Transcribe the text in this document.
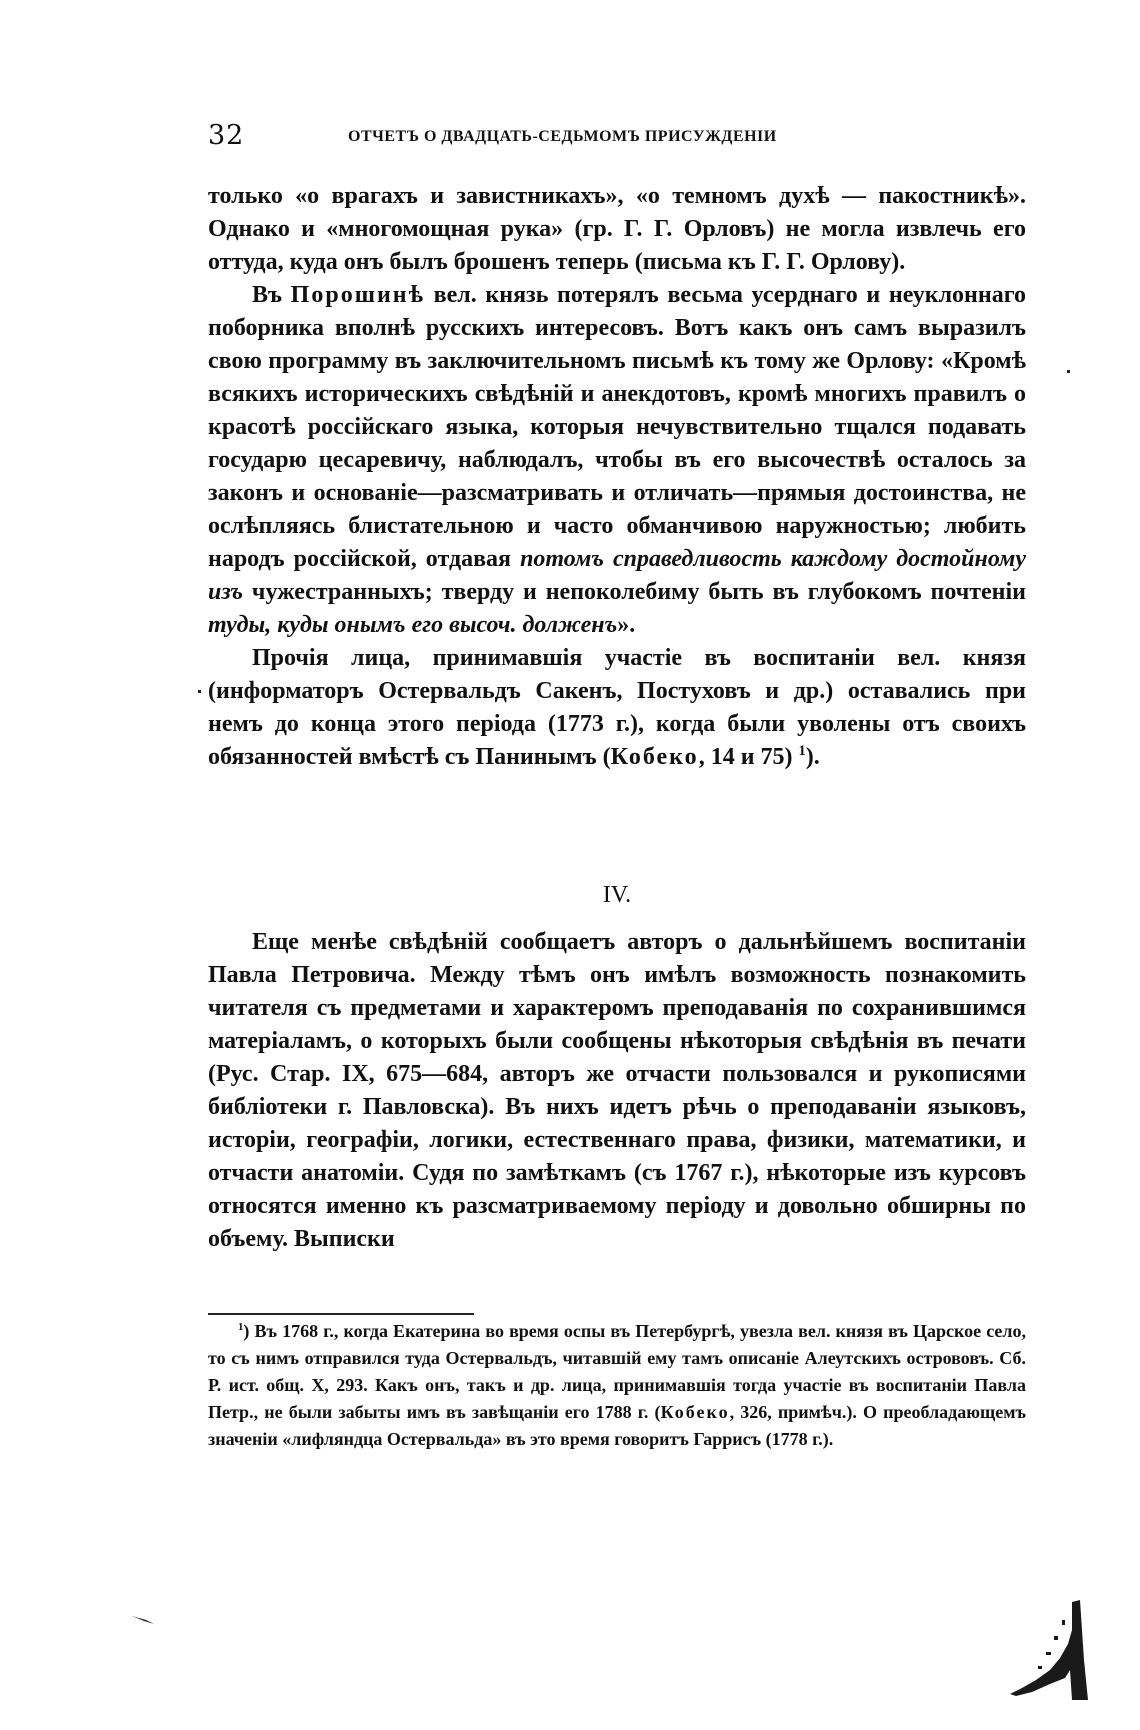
32	ОТЧЕТЪ О ДВАДЦАТЬ-СЕДЬМОМЪ ПРИСУЖДЕНІИ

только «о врагахъ и завистникахъ», «о темномъ духѣ — пакостникѣ». Однако и «многомощная рука» (гр. Г. Г. Орловъ) не могла извлечь его оттуда, куда онъ былъ брошенъ теперь (письма къ Г. Г. Орлову).

Въ Порошинѣ вел. князь потерялъ весьма усерднаго и неуклоннаго поборника вполнѣ русскихъ интересовъ. Вотъ какъ онъ самъ выразилъ свою программу въ заключительномъ письмѣ къ тому же Орлову: «Кромѣ всякихъ историческихъ свѣдѣній и анекдотовъ, кромѣ многихъ правилъ о красотѣ россійскаго языка, которыя нечувствительно тщался подавать государю цесаревичу, наблюдалъ, чтобы въ его высочествѣ осталось за законъ и основаніе—разсматривать и отличать—прямыя достоинства, не ослѣпляясь блистательною и часто обманчивою наружностью; любить народъ россійской, отдавая потомъ справедливость каждому достойному изъ чужестранныхъ; тверду и непоколебиму быть въ глубокомъ почтеніи туды, куды онымъ его высоч. долженъ».

Прочія лица, принимавшія участіе въ воспитаніи вел. князя (информаторъ Остервальдъ Сакенъ, Постуховъ и др.) оставались при немъ до конца этого періода (1773 г.), когда были уволены отъ своихъ обязанностей вмѣстѣ съ Панинымъ (Кобеко, 14 и 75) $^1$).

IV.

Еще менѣе свѣдѣній сообщаетъ авторъ о дальнѣйшемъ воспитаніи Павла Петровича. Между тѣмъ онъ имѣлъ возможность познакомить читателя съ предметами и характеромъ преподаванія по сохранившимся матеріаламъ, о которыхъ были сообщены нѣкоторыя свѣдѣнія въ печати (Рус. Стар. IX, 675—684, авторъ же отчасти пользовался и рукописями библіотеки г. Павловска). Въ нихъ идетъ рѣчь о преподаваніи языковъ, исторіи, географіи, логики, естественнаго права, физики, математики, и отчасти анатоміи. Судя по замѣткамъ (съ 1767 г.), нѣкоторые изъ курсовъ относятся именно къ разсматриваемому періоду и довольно обширны по объему. Выписки

$^1$) Въ 1768 г., когда Екатерина во время оспы въ Петербургѣ, увезла вел. князя въ Царское село, то съ нимъ отправился туда Остервальдъ, читавшій ему тамъ описаніе Алеутскихъ острововъ. Сб. Р. ист. общ. X, 293. Какъ онъ, такъ и др. лица, принимавшія тогда участіе въ воспитаніи Павла Петр., не были забыты имъ въ завѣщаніи его 1788 г. (Кобеко, 326, примѣч.). О преобладающемъ значеніи «лифляндца Остервальда» въ это время говоритъ Гаррисъ (1778 г.).
